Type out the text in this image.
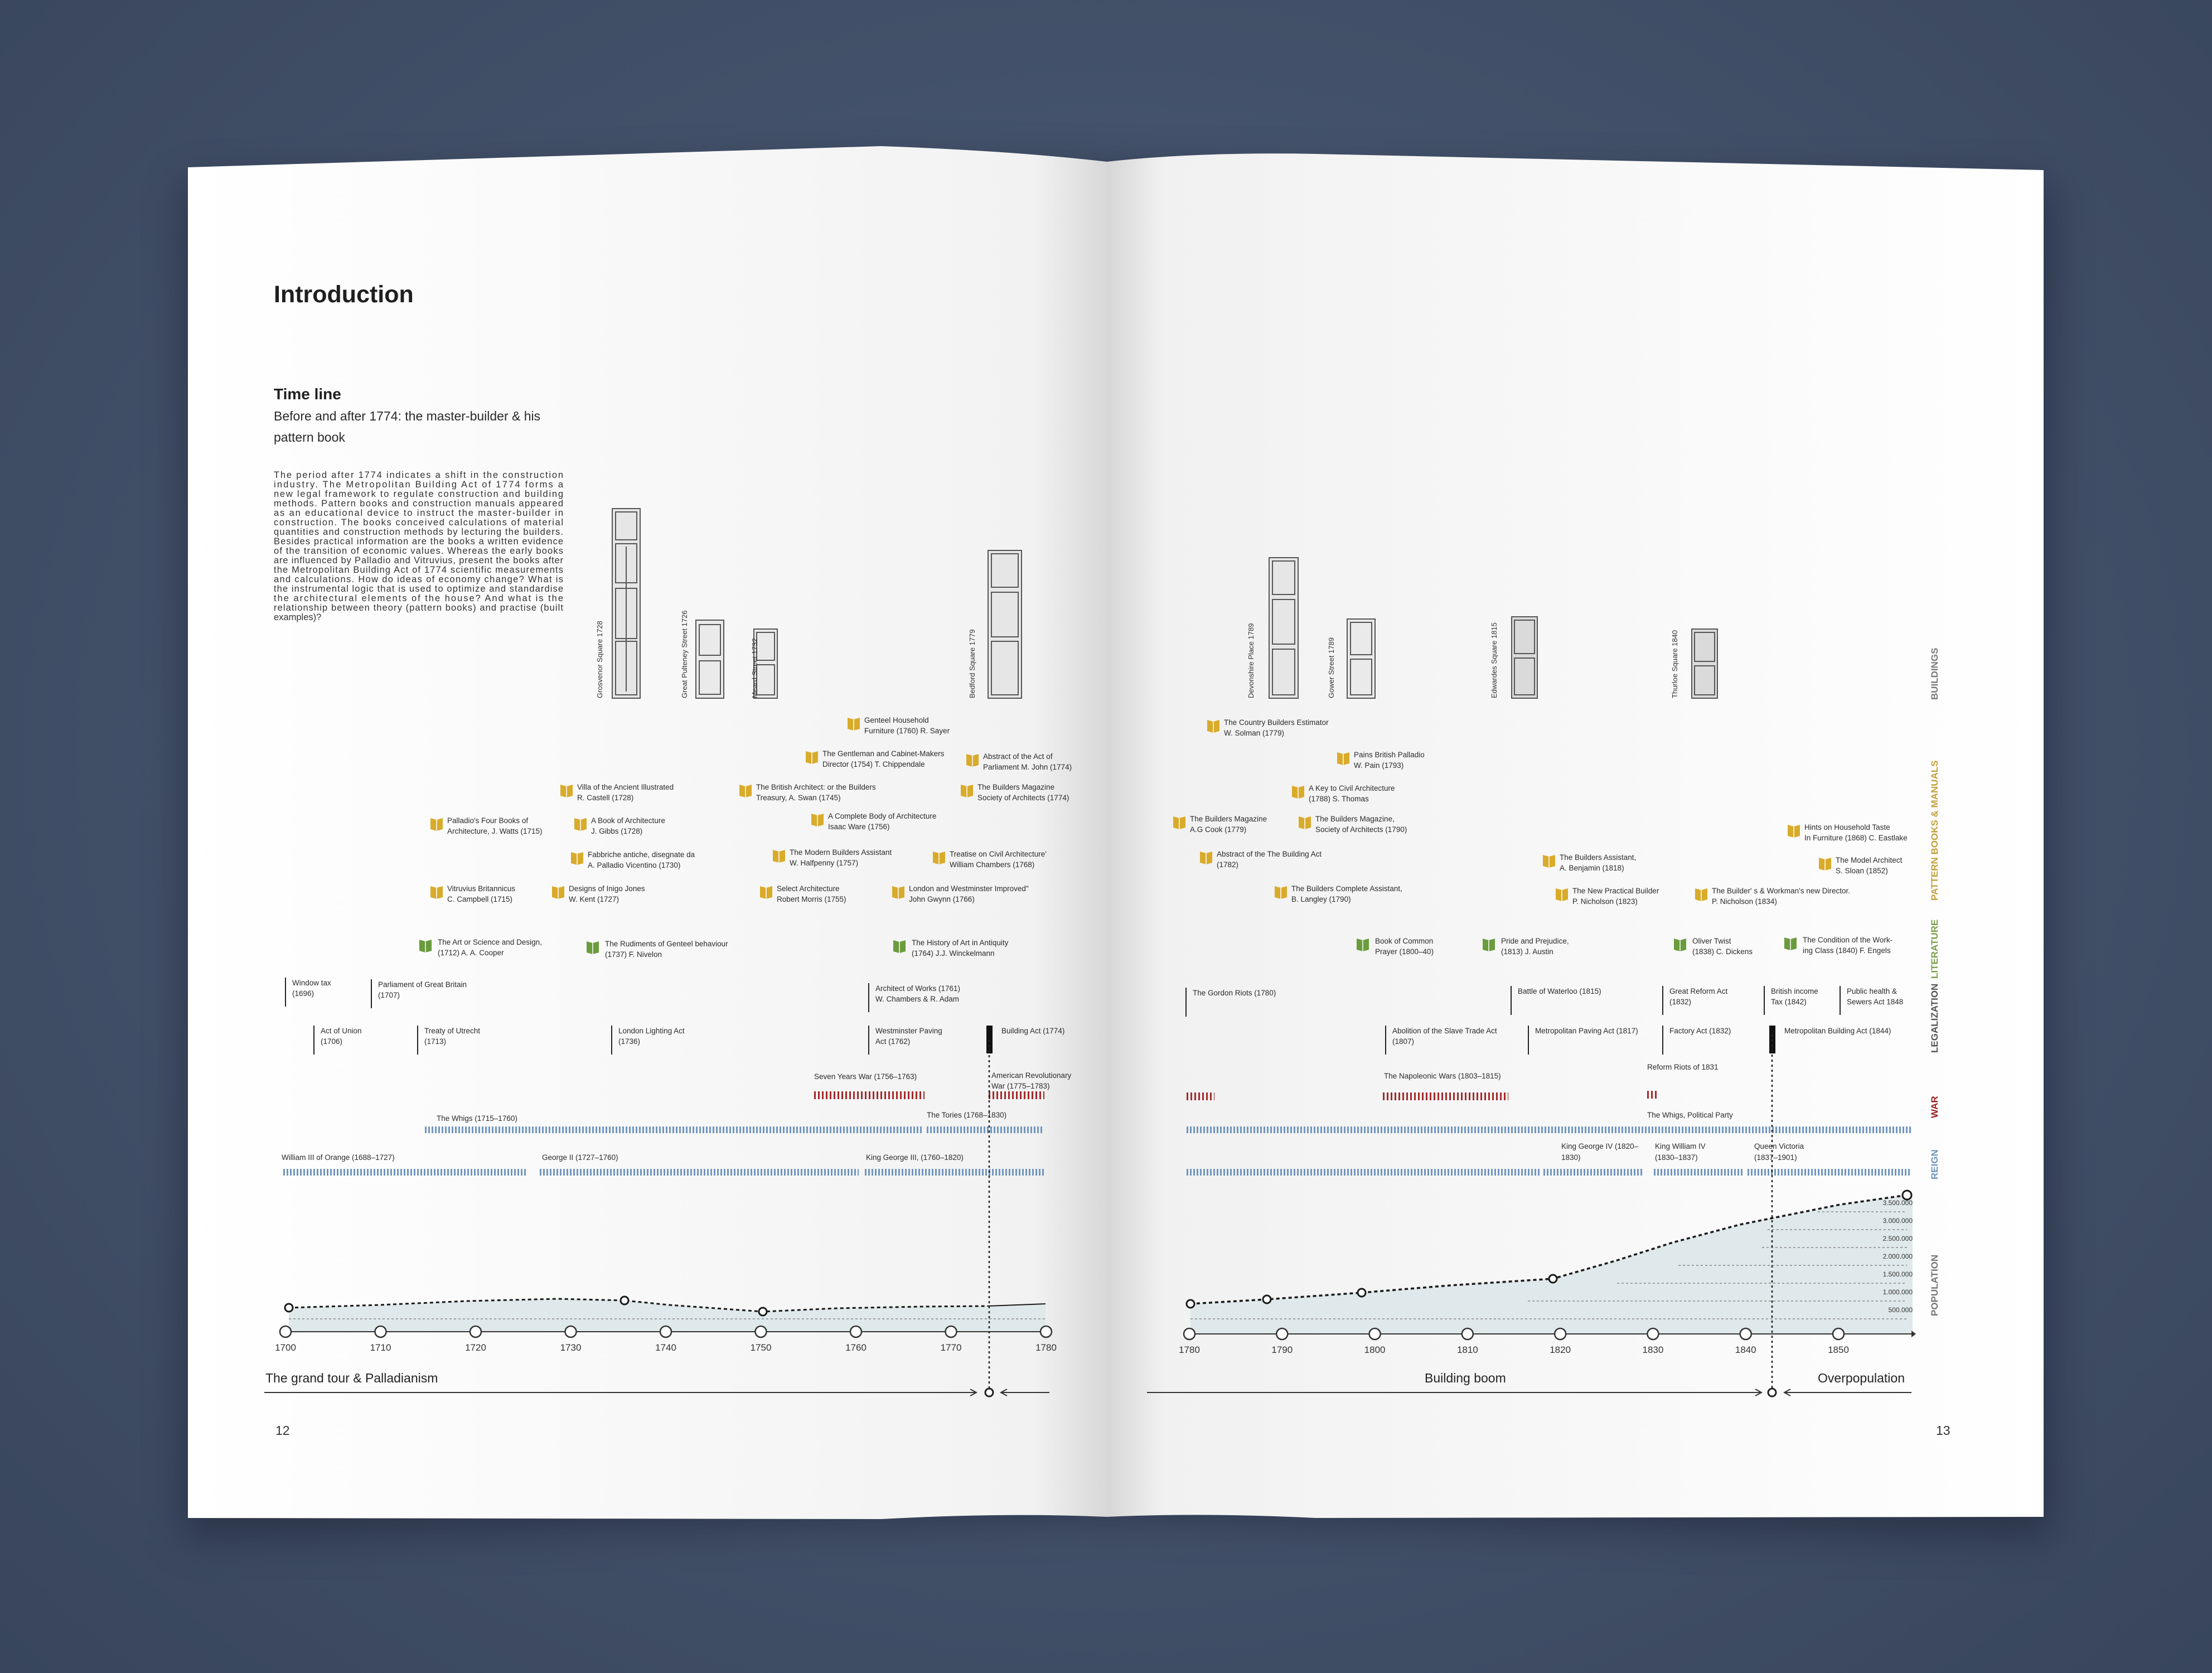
Introduction
Time line
Before and after 1774: the master-builder & his
pattern book
The period after 1774 indicates a shift in the construction
industry. The Metropolitan Building Act of 1774 forms a
new legal framework to regulate construction and building
methods. Pattern books and construction manuals appeared
as an educational device to instruct the master-builder in
construction. The books conceived calculations of material
quantities and construction methods by lecturing the builders.
Besides practical information are the books a written evidence
of the transition of economic values. Whereas the early books
are influenced by Palladio and Vitruvius, present the books after
the Metropolitan Building Act of 1774 scientific measurements
and calculations. How do ideas of economy change? What is
the instrumental logic that is used to optimize and standardise
the architectural elements of the house? And what is the
relationship between theory (pattern books) and practise (built
examples)?
BUILDINGS
PATTERN BOOKS & MANUALS
LITERATURE
LEGALIZATION
WAR
REIGN
POPULATION
Grosvenor Square 1728	Great Pulteney Street 1726	Meard Street 1732	Bedford Square 1779	Devonshire Place 1789	Gower Street 1789	Edwardes Square 1815	Thurloe Square 1840
Genteel Household
Furniture (1760) R. Sayer
The Gentleman and Cabinet-Makers
Director (1754) T. Chippendale
Abstract of the Act of
Parliament M. John (1774)
Villa of the Ancient Illustrated
R. Castell (1728)
The British Architect: or the Builders
Treasury, A. Swan (1745)
The Builders Magazine
Society of Architects (1774)
Palladio's Four Books of
Architecture, J. Watts (1715)
A Book of Architecture
J. Gibbs (1728)
A Complete Body of Architecture
Isaac Ware (1756)
Fabbriche antiche, disegnate da
A. Palladio Vicentino (1730)
The Modern Builders Assistant
W. Halfpenny (1757)
Treatise on Civil Architecture'
William Chambers (1768)
Vitruvius Britannicus
C. Campbell (1715)
Designs of Inigo Jones
W. Kent (1727)
Select Architecture
Robert Morris (1755)
London and Westminster Improved"
John Gwynn (1766)
The Country Builders Estimator
W. Solman (1779)
Pains British Palladio
W. Pain (1793)
A Key to Civil Architecture
(1788) S. Thomas
The Builders Magazine
A.G Cook (1779)
The Builders Magazine,
Society of Architects (1790)
Abstract of the The Building Act
(1782)
The Builders Complete Assistant,
B. Langley (1790)
The Builders Assistant,
A. Benjamin (1818)
The New Practical Builder
P. Nicholson (1823)
The Builder' s & Workman's new Director.
P. Nicholson (1834)
Hints on Household Taste
In Furniture (1868) C. Eastlake
The Model Architect
S. Sloan (1852)
The Art or Science and Design,
(1712) A. A. Cooper
The Rudiments of Genteel behaviour
(1737) F. Nivelon
The History of Art in Antiquity
(1764) J.J. Winckelmann
Book of Common
Prayer (1800–40)
Pride and Prejudice,
(1813) J. Austin
Oliver Twist
(1838) C. Dickens
The Condition of the Work-
ing Class (1840) F. Engels
Window tax
(1696)
Parliament of Great Britain
(1707)
Act of Union
(1706)
Treaty of Utrecht
(1713)
London Lighting Act
(1736)
Architect of Works (1761)
W. Chambers & R. Adam
Westminster Paving
Act (1762)
Building Act (1774)
The Gordon Riots (1780)	Battle of Waterloo (1815)	Great Reform Act
(1832)
British income
Tax (1842)
Public health &
Sewers Act 1848
Abolition of the Slave Trade Act
(1807)
Metropolitan Paving Act (1817)	Factory Act (1832)	Metropolitan Building Act (1844)
Reform Riots of 1831
Seven Years War (1756–1763)	American Revolutionary
War (1775–1783)
The Napoleonic Wars (1803–1815)
The Whigs (1715–1760)	The Tories (1768–1830)	The Whigs, Political Party
William III of Orange (1688–1727)	George II (1727–1760)	King George III, (1760–1820)
King George IV (1820–
1830)
King William IV
(1830–1837)
Queen Victoria
(1837–1901)
3.500.000
3.000.000
2.500.000
2.000.000
1.500.000
1.000.000
500.000
1700	1710	1720	1730	1740	1750	1760	1770	1780	1780	1790	1800	1810	1820	1830	1840	1850
The grand tour & Palladianism	Building boom	Overpopulation
12	13
